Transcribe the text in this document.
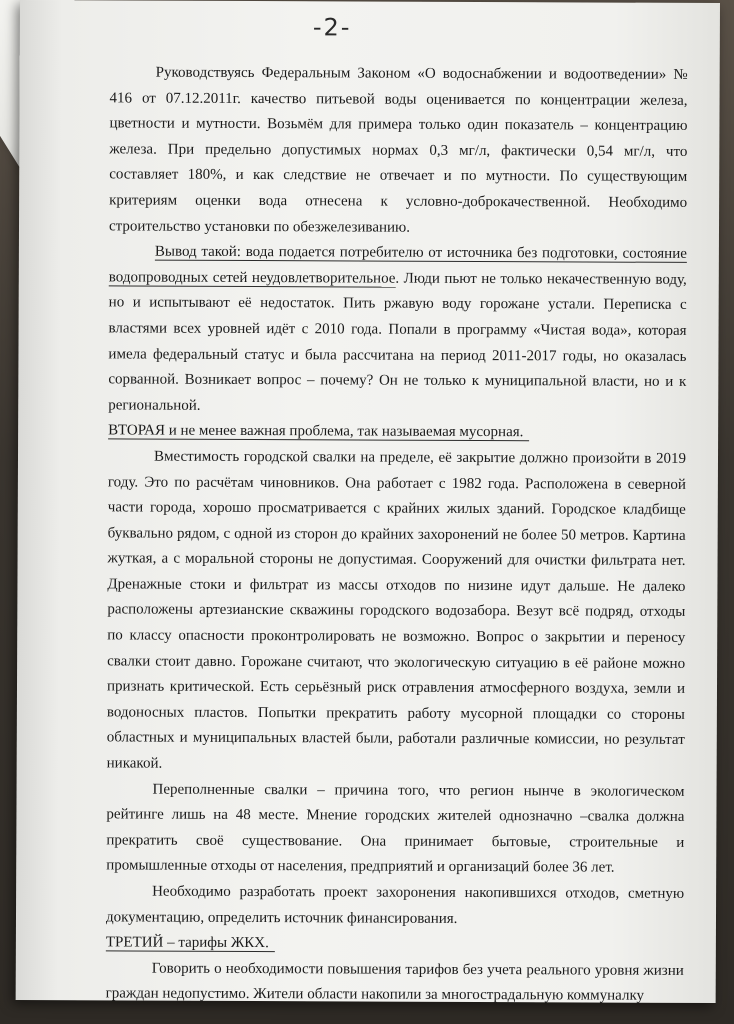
-2-

Руководствуясь Федеральным Законом «О водоснабжении и водоотведении» № 416 от 07.12.2011г. качество питьевой воды оценивается по концентрации железа, цветности и мутности. Возьмём для примера только один показатель – концентрацию железа. При предельно допустимых нормах 0,3 мг/л, фактически 0,54 мг/л, что составляет 180%, и как следствие не отвечает и по мутности. По существующим критериям оценки вода отнесена к условно-доброкачественной. Необходимо строительство установки по обезжелезиванию.

Вывод такой: вода подается потребителю от источника без подготовки, состояние водопроводных сетей неудовлетворительное. Люди пьют не только некачественную воду, но и испытывают её недостаток. Пить ржавую воду горожане устали. Переписка с властями всех уровней идёт с 2010 года. Попали в программу «Чистая вода», которая имела федеральный статус и была рассчитана на период 2011-2017 годы, но оказалась сорванной. Возникает вопрос – почему? Он не только к муниципальной власти, но и к региональной.

ВТОРАЯ и не менее важная проблема, так называемая мусорная.

Вместимость городской свалки на пределе, её закрытие должно произойти в 2019 году. Это по расчётам чиновников. Она работает с 1982 года. Расположена в северной части города, хорошо просматривается с крайних жилых зданий. Городское кладбище буквально рядом, с одной из сторон до крайних захоронений не более 50 метров. Картина жуткая, а с моральной стороны не допустимая. Сооружений для очистки фильтрата нет. Дренажные стоки и фильтрат из массы отходов по низине идут дальше. Не далеко расположены артезианские скважины городского водозабора. Везут всё подряд, отходы по классу опасности проконтролировать не возможно. Вопрос о закрытии и переносу свалки стоит давно. Горожане считают, что экологическую ситуацию в её районе можно признать критической. Есть серьёзный риск отравления атмосферного воздуха, земли и водоносных пластов. Попытки прекратить работу мусорной площадки со стороны областных и муниципальных властей были, работали различные комиссии, но результат никакой.

Переполненные свалки – причина того, что регион нынче в экологическом рейтинге лишь на 48 месте. Мнение городских жителей однозначно –свалка должна прекратить своё существование. Она принимает бытовые, строительные и промышленные отходы от населения, предприятий и организаций более 36 лет.

Необходимо разработать проект захоронения накопившихся отходов, сметную документацию, определить источник финансирования.

ТРЕТИЙ – тарифы ЖКХ.

Говорить о необходимости повышения тарифов без учета реального уровня жизни граждан недопустимо. Жители области накопили за многострадальную коммуналку
